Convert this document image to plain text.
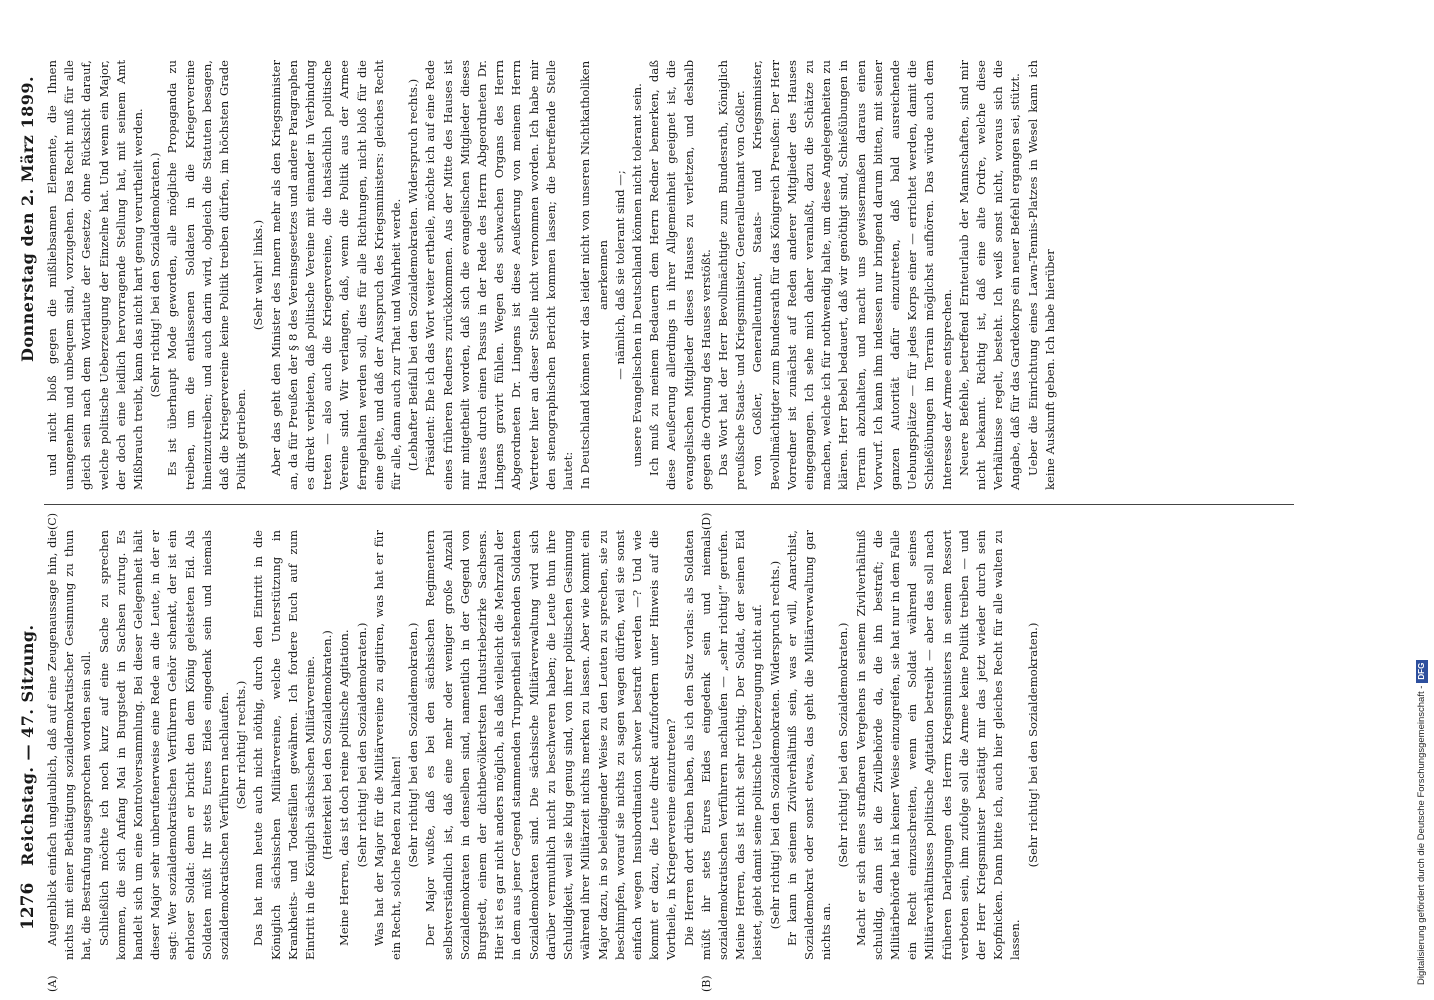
1276
Reichstag. — 47. Sitzung.
Donnerstag den 2. März 1899.
(A)	(B)
(C)	(D)

Augenblick einfach unglaublich, daß auf eine Zeugenaussage hin, die nichts mit einer Bethätigung sozialdemokratischer Gesinnung zu thun hat, die Bestrafung ausgesprochen worden sein soll. Schließlich möchte ich noch kurz auf eine Sache zu sprechen kommen, die sich Anfang Mai in Burgstedt in Sachsen zutrug. Es handelt sich um eine Kontrolversammlung. Bei dieser Gelegenheit hält dieser Major sehr unberufenerweise eine Rede an die Leute, in der er sagt: Wer sozialdemokratischen Verführern Gehör schenkt, der ist ein ehrloser Soldat: denn er bricht den dem König geleisteten Eid. Als Soldaten müßt Ihr stets Eures Eides eingedenk sein und niemals sozialdemokratischen Verführern nachlaufen. (Sehr richtig! rechts.) Das hat man heute auch nicht nöthig, durch den Eintritt in die Königlich sächsischen Militärvereine, welche Unterstützung in Krankheits- und Todesfällen gewähren. Ich fordere Euch auf zum Eintritt in die Königlich sächsischen Militärvereine. (Heiterkeit bei den Sozialdemokraten.) Meine Herren, das ist doch reine politische Agitation. (Sehr richtig! bei den Sozialdemokraten.) Was hat der Major für die Militärvereine zu agitiren, was hat er für ein Recht, solche Reden zu halten! (Sehr richtig! bei den Sozialdemokraten.) Der Major wußte, daß es bei den sächsischen Regimentern selbstverständlich ist, daß eine mehr oder weniger große Anzahl Sozialdemokraten in denselben sind, namentlich in der Gegend von Burgstedt, einem der dichtbevölkertsten Industriebezirke Sachsens. Hier ist es gar nicht anders möglich, als daß vielleicht die Mehrzahl der in dem aus jener Gegend stammenden Truppentheil stehenden Soldaten Sozialdemokraten sind. Die sächsische Militärverwaltung wird sich darüber vermuthlich nicht zu beschweren haben; die Leute thun ihre Schuldigkeit, weil sie klug genug sind, von ihrer politischen Gesinnung während ihrer Militärzeit nichts merken zu lassen. Aber wie kommt ein Major dazu, in so beleidigender Weise zu den Leuten zu sprechen, sie zu beschimpfen, worauf sie nichts zu sagen wagen dürfen, weil sie sonst einfach wegen Insubordination schwer bestraft werden —? Und wie kommt er dazu, die Leute direkt aufzufordern unter Hinweis auf die Vortheile, in Kriegervereine einzutreten? Die Herren dort drüben haben, als ich den Satz vorlas: als Soldaten müßt ihr stets Eures Eides eingedenk sein und niemals sozialdemokratischen Verführern nachlaufen — „sehr richtig!“ gerufen. Meine Herren, das ist nicht sehr richtig. Der Soldat, der seinen Eid leistet, giebt damit seine politische Ueberzeugung nicht auf. (Sehr richtig! bei den Sozialdemokraten. Widerspruch rechts.) Er kann in seinem Zivilverhältniß sein, was er will, Anarchist, Sozialdemokrat oder sonst etwas, das geht die Militärverwaltung gar nichts an.

(Sehr richtig! bei den Sozialdemokraten.) Macht er sich eines strafbaren Vergehens in seinem Zivilverhältniß schuldig, dann ist die Zivilbehörde da, die ihn bestraft; die Militärbehörde hat in keiner Weise einzugreifen, sie hat nur in dem Falle ein Recht einzuschreiten, wenn ein Soldat während seines Militärverhältnisses politische Agitation betreibt — aber das soll nach früheren Darlegungen des Herrn Kriegsministers in seinem Ressort verboten sein, ihm zufolge soll die Armee keine Politik treiben — und der Herr Kriegsminister bestätigt mir das jetzt wieder durch sein Kopfnicken. Dann bitte ich, auch hier gleiches Recht für alle walten zu lassen.

(Sehr richtig! bei den Sozialdemokraten.)

und nicht bloß gegen die mißliebsamen Elemente, die Ihnen unangenehm und unbequem sind, vorzugehen. Das Recht muß für alle gleich sein nach dem Wortlaute der Gesetze, ohne Rücksicht darauf, welche politische Ueberzeugung der Einzelne hat. Und wenn ein Major, der doch eine leidlich hervorragende Stellung hat, mit seinem Amt Mißbrauch treibt, kann das nicht hart genug verurtheilt werden. (Sehr richtig! bei den Sozialdemokraten.) Es ist überhaupt Mode geworden, alle mögliche Propaganda zu treiben, um die entlassenen Soldaten in die Kriegervereine hineinzutreiben; und auch darin wird, obgleich die Statuten besagen, daß die Kriegervereine keine Politik treiben dürfen, im höchsten Grade Politik getrieben.

(Sehr wahr! links.) Aber das geht den Minister des Innern mehr als den Kriegsminister an, da für Preußen der § 8 des Vereinsgesetzes und andere Paragraphen es direkt verbieten, daß politische Vereine mit einander in Verbindung treten — also auch die Kriegervereine, die thatsächlich politische Vereine sind. Wir verlangen, daß, wenn die Politik aus der Armee ferngehalten werden soll, dies für alle Richtungen, nicht bloß für die eine gelte, und daß der Ausspruch des Kriegsministers: gleiches Recht für alle, dann auch zur That und Wahrheit werde. (Lebhafter Beifall bei den Sozialdemokraten. Widerspruch rechts.) Präsident: Ehe ich das Wort weiter ertheile, möchte ich auf eine Rede eines früheren Redners zurückkommen. Aus der Mitte des Hauses ist mir mitgetheilt worden, daß sich die evangelischen Mitglieder dieses Hauses durch einen Passus in der Rede des Herrn Abgeordneten Dr. Lingens gravirt fühlen. Wegen des schwachen Organs des Herrn Abgeordneten Dr. Lingens ist diese Aeußerung von meinem Herrn Vertreter hier an dieser Stelle nicht vernommen worden. Ich habe mir den stenographischen Bericht kommen lassen; die betreffende Stelle lautet: In Deutschland können wir das leider nicht von unseren Nichtkatholiken anerkennen — nämlich, daß sie tolerant sind —; unsere Evangelischen in Deutschland können nicht tolerant sein. Ich muß zu meinem Bedauern dem Herrn Redner bemerken, daß diese Aeußerung allerdings in ihrer Allgemeinheit geeignet ist, die evangelischen Mitglieder dieses Hauses zu verletzen, und deshalb gegen die Ordnung des Hauses verstößt. Das Wort hat der Herr Bevollmächtigte zum Bundesrath, Königlich preußische Staats- und Kriegsminister, Generalleutnant von Goßler. von Goßler, Generalleutnant, Staats- und Kriegsminister, Bevollmächtigter zum Bundesrath für das Königreich Preußen: Der Herr Vorredner ist zunächst auf Reden anderer Mitglieder des Hauses eingegangen. Ich sehe mich daher veranlaßt, dazu die Schätze zu machen, welche ich für nothwendig halte, um diese Angelegenheiten zu klären. Herr Bebel bedauert, daß wir genöthigt sind, Schießübungen in Terrain abzuhalten, und macht uns gewissermaßen daraus einen Vorwurf. Ich kann ihm indessen nur bringend darum bitten, mit seiner ganzen Autorität dafür einzutreten, daß bald ausreichende Uebungsplätze — für jedes Korps einer — errichtet werden, damit die Schießübungen im Terrain möglichst aufhören. Das würde auch dem Interesse der Armee entsprechen. Neuere Befehle, betreffend Ernteurlaub der Mannschaften, sind mir nicht bekannt. Richtig ist, daß eine alte Ordre, welche diese Verhältnisse regelt, besteht. Ich weiß sonst nicht, woraus sich die Angabe, daß für das Gardekorps ein neuer Befehl ergangen sei, stützt. Ueber die Einrichtung eines Lawn-Tennis-Platzes in Wesel kann ich keine Auskunft geben. Ich habe hierüber

Digitalisierung gefördert durch die Deutsche Forschungsgemeinschaft -DFG
